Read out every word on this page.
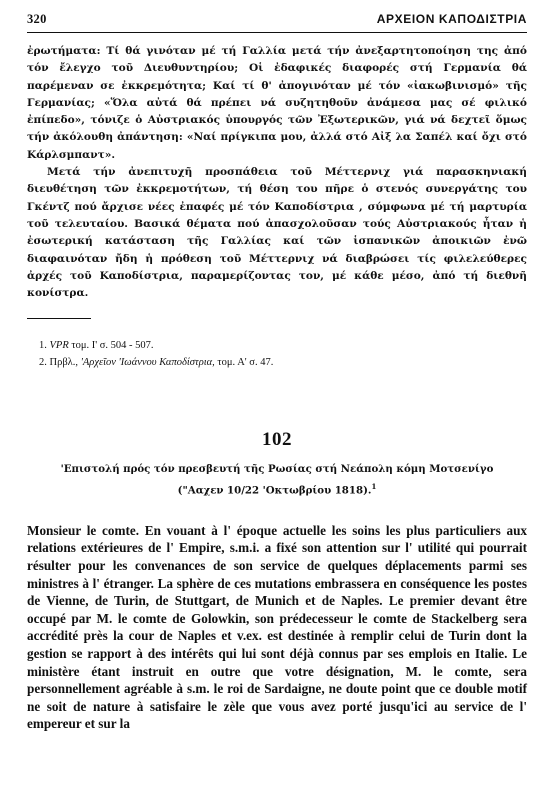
320	ΑΡΧΕΙΟΝ ΚΑΠΟΔΙΣΤΡΙΑ

ἐρωτήματα: Τί θά γινόταν μέ τή Γαλλία μετά τήν ἀνεξαρτητοποίηση της ἀπό τόν ἔλεγχο τοῦ Διευθυντηρίου; Οἱ ἐδαφικές διαφορές στή Γερμανία θά παρέμεναν σε ἐκκρεμότητα; Καί τί θ' ἀπογινόταν μέ τόν «ἰακωβινισμό» τῆς Γερμανίας; «Ὅλα αὐτά θά πρέπει νά συζητηθοῦν ἀνάμεσα μας σέ φιλικό ἐπίπεδο», τόνιζε ὁ Αὐστριακός ὑπουργός τῶν Ἐξωτερικῶν, γιά νά δεχτεῖ ὅμως τήν ἀκόλουθη ἀπάντηση: «Ναί πρίγκιπα μου, ἀλλά στό Αἰξ λα Σαπέλ καί ὄχι στό Κάρλσμπαντ».

Μετά τήν ἀνεπιτυχῆ προσπάθεια τοῦ Μέττερνιχ γιά παρασκηνιακή διευθέτηση τῶν ἐκκρεμοτήτων, τή θέση του πῆρε ὁ στενός συνεργάτης του Γκέντζ πού ἄρχισε νέες ἐπαφές μέ τόν Καποδίστρια , σύμφωνα μέ τή μαρτυρία τοῦ τελευταίου. Βασικά θέματα πού ἀπασχολοῦσαν τούς Αὐστριακούς ἦταν ἡ ἐσωτερική κατάσταση τῆς Γαλλίας καί τῶν ἱσπανικῶν ἀποικιῶν ἐνῶ διαφαινόταν ἤδη ἡ πρόθεση τοῦ Μέττερνιχ νά διαβρώσει τίς φιλελεύθερες ἀρχές τοῦ Καποδίστρια, παραμερίζοντας τον, μέ κάθε μέσο, ἀπό τή διεθνῆ κονίστρα.

1. VPR τομ. Ι' σ. 504 - 507.
2. Πρβλ., 'Αρχεῖον 'Ιωάννου Καποδίστρια, τομ. Α' σ. 47.
102
'Επιστολή πρός τόν πρεσβευτή τῆς Ρωσίας στή Νεάπολη κόμη Μοτσενίγο
("Ααχεν 10/22 'Οκτωβρίου 1818).$^1$

Monsieur le comte. En vouant à l' époque actuelle les soins les plus particuliers aux relations extérieures de l' Empire, s.m.i. a fixé son attention sur l' utilité qui pourrait résulter pour les convenances de son service de quelques déplacements parmi ses ministres à l' étranger. La sphère de ces mutations embrassera en conséquence les postes de Vienne, de Turin, de Stuttgart, de Munich et de Naples. Le premier devant être occupé par M. le comte de Golowkin, son prédecesseur le comte de Stackelberg sera accrédité près la cour de Naples et v.ex. est destinée à remplir celui de Turin dont la gestion se rapport à des intérêts qui lui sont déjà connus par ses emplois en Italie. Le ministère étant instruit en outre que votre désignation, M. le comte, sera personnellement agréable à s.m. le roi de Sardaigne, ne doute point que ce double motif ne soit de nature à satisfaire le zèle que vous avez porté jusqu'ici au service de l' empereur et sur la
